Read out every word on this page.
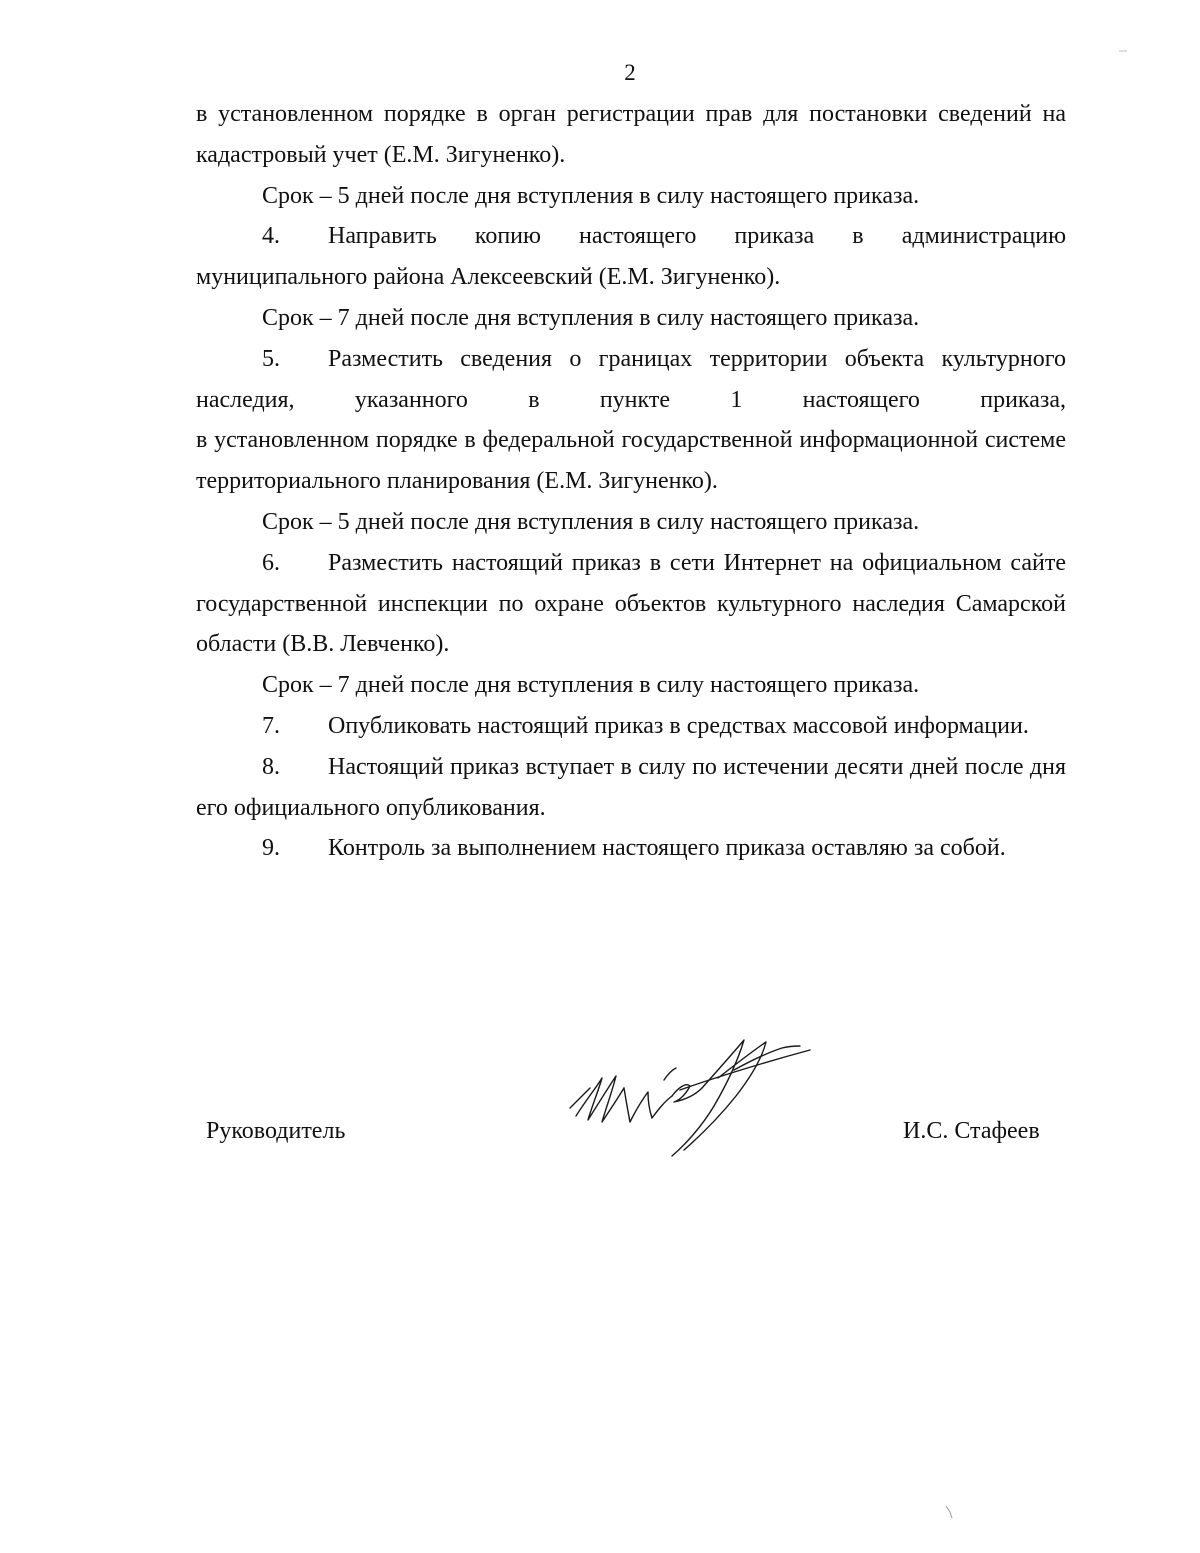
2

в установленном порядке в орган регистрации прав для постановки сведений на кадастровый учет (Е.М. Зигуненко).

Срок – 5 дней после дня вступления в силу настоящего приказа.

4. Направить копию настоящего приказа в администрацию муниципального района Алексеевский (Е.М. Зигуненко).

Срок – 7 дней после дня вступления в силу настоящего приказа.

5. Разместить сведения о границах территории объекта культурного наследия, указанного в пункте 1 настоящего приказа,

в установленном порядке в федеральной государственной информационной системе территориального планирования (Е.М. Зигуненко).

Срок – 5 дней после дня вступления в силу настоящего приказа.

6. Разместить настоящий приказ в сети Интернет на официальном сайте государственной инспекции по охране объектов культурного наследия Самарской области (В.В. Левченко).

Срок – 7 дней после дня вступления в силу настоящего приказа.

7. Опубликовать настоящий приказ в средствах массовой информации.

8. Настоящий приказ вступает в силу по истечении десяти дней после дня его официального опубликования.

9. Контроль за выполнением настоящего приказа оставляю за собой.

Руководитель	И.С. Стафеев
